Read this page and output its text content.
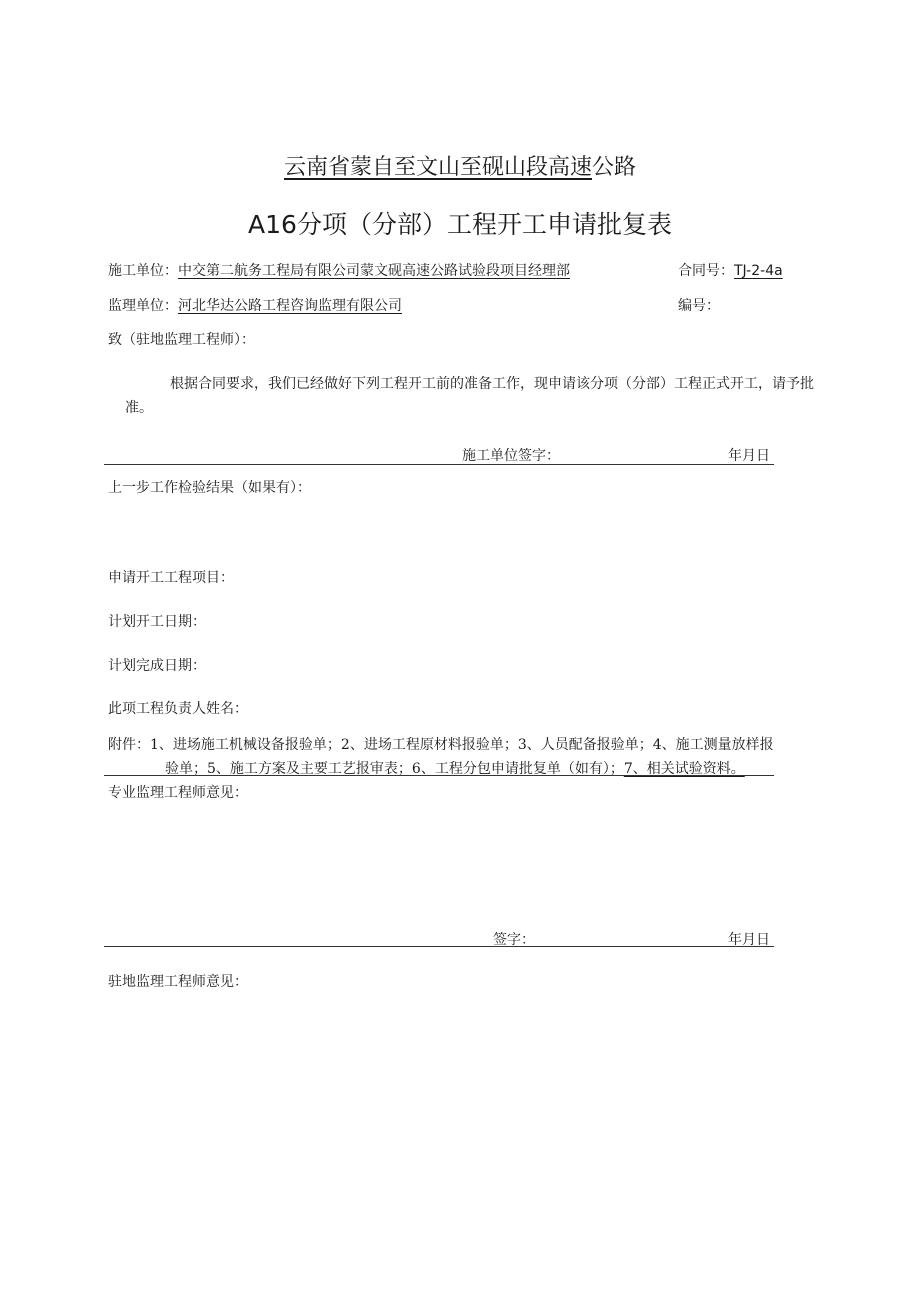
云南省蒙自至文山至砚山段高速公路
A16分项（分部）工程开工申请批复表
施工单位：中交第二航务工程局有限公司蒙文砚高速公路试验段项目经理部	合同号：TJ-2-4a
监理单位：河北华达公路工程咨询监理有限公司	编号：
致（驻地监理工程师）：
根据合同要求，我们已经做好下列工程开工前的准备工作，现申请该分项（分部）工程正式开工，请予批准。
施工单位签字：	年月日
上一步工作检验结果（如果有）：
申请开工工程项目：
计划开工日期：
计划完成日期：
此项工程负责人姓名：
附件：1、进场施工机械设备报验单；2、进场工程原材料报验单；3、人员配备报验单；4、施工测量放样报
验单；5、施工方案及主要工艺报审表；6、工程分包申请批复单（如有）；7、相关试验资料。
专业监理工程师意见：
签字：	年月日
驻地监理工程师意见：
